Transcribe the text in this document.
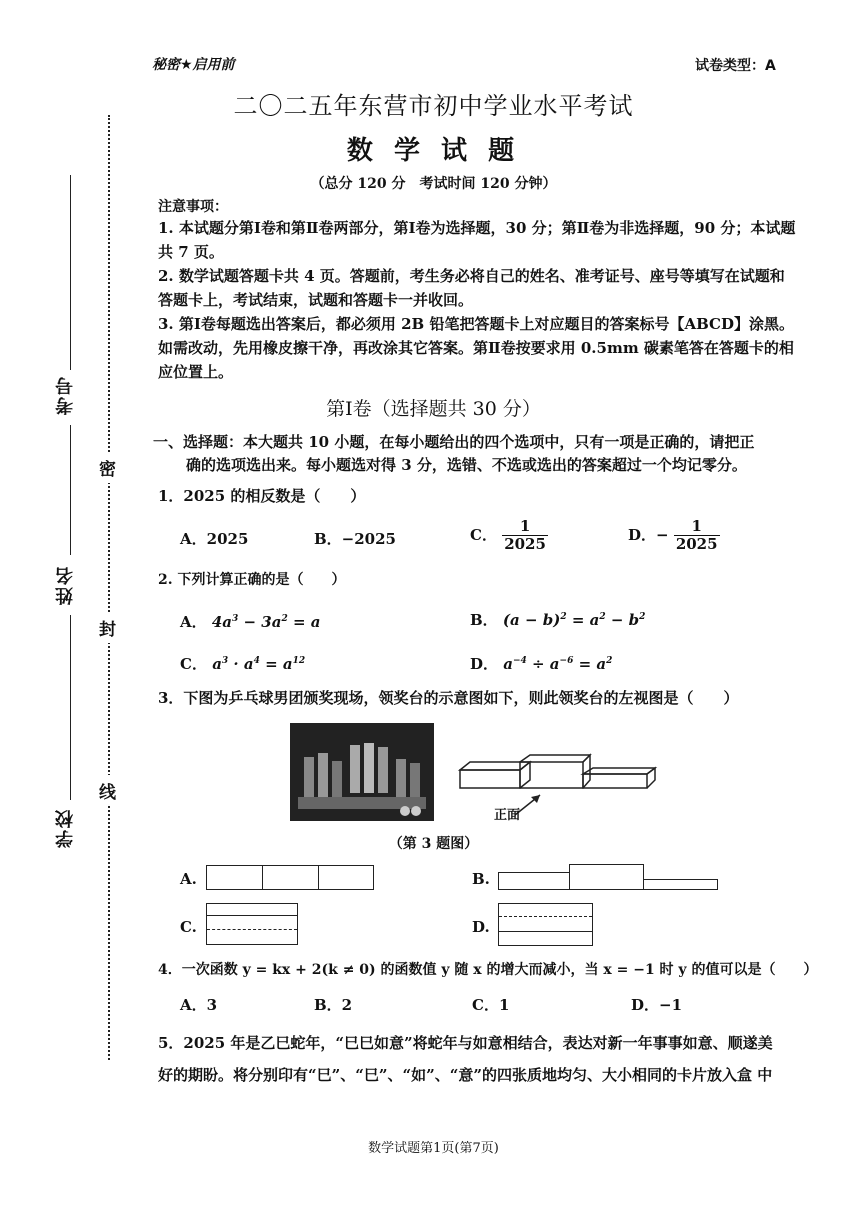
考号
姓名
学校
密
封
线
秘密★启用前	试卷类型：A
二〇二五年东营市初中学业水平考试
数 学 试 题
（总分 120 分　考试时间 120 分钟）
注意事项：
1. 本试题分第Ⅰ卷和第Ⅱ卷两部分，第Ⅰ卷为选择题，30 分；第Ⅱ卷为非选择题，90 分；本试题共 7 页。
2. 数学试题答题卡共 4 页。答题前，考生务必将自己的姓名、准考证号、座号等填写在试题和答题卡上，考试结束，试题和答题卡一并收回。
3. 第Ⅰ卷每题选出答案后，都必须用 2B 铅笔把答题卡上对应题目的答案标号【ABCD】涂黑。如需改动，先用橡皮擦干净，再改涂其它答案。第Ⅱ卷按要求用 0.5mm 碳素笔答在答题卡的相应位置上。
第Ⅰ卷（选择题共 30 分）
一、选择题：本大题共 10 小题，在每小题给出的四个选项中，只有一项是正确的，请把正
确的选项选出来。每小题选对得 3 分，选错、不选或选出的答案超过一个均记零分。
1．2025 的相反数是（　　）
A．2025	B．−2025	C． $\frac{1}{2025}$	D．− $\frac{1}{2025}$
2. 下列计算正确的是（　　）
A． $4a^3 - 3a^2 = a$	B． $(a - b)^2 = a^2 - b^2$
C． $a^3 \cdot a^4 = a^{12}$	D． $a^{-4} \div a^{-6} = a^2$
3．下图为乒乓球男团颁奖现场，领奖台的示意图如下，则此领奖台的左视图是（　　）
正面
（第 3 题图）
A.	B.
C.	D.
4．一次函数 y = kx + 2(k ≠ 0) 的函数值 y 随 x 的增大而减小，当 x = −1 时 y 的值可以是（　　）
A．3	B．2	C．1	D．−1
5．2025 年是乙巳蛇年，“巳巳如意”将蛇年与如意相结合，表达对新一年事事如意、顺遂美
好的期盼。将分别印有“巳”、“巳”、“如”、“意”的四张质地均匀、大小相同的卡片放入盒 中
数学试题第1页(第7页)
